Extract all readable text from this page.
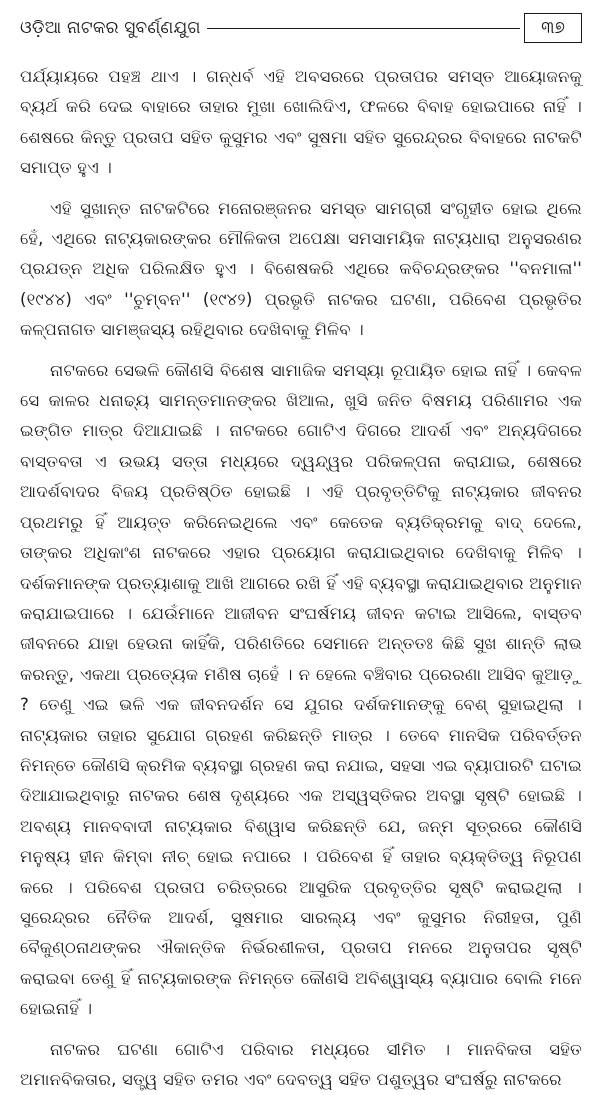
ଓଡ଼ିଆ ନାଟକର ସୁବର୍ଣ୍ଣଯୁଗ	୩୭

ପର୍ଯ୍ୟାୟରେ ପହଞ୍ଚ ଥାଏ । ଗନ୍ଧର୍ବ ଏହି ଅବସରରେ ପ୍ରତାପର ସମସ୍ତ ଆୟୋଜନକୁ ବ୍ୟର୍ଥ କରି ଦେଇ ବାହାରେ ତାହାର ମୁଖା ଖୋଲିଦିଏ, ଫଳରେ ବିବାହ ହୋଇପାରେ ନାହିଁ । ଶେଷରେ କିନ୍ତୁ ପ୍ରତାପ ସହିତ କୁସୁମର ଏବଂ ସୁଷମା ସହିତ ସୁରେନ୍ଦ୍ରର ବିବାହରେ ନାଟକଟି ସମାପ୍ତ ହୁଏ ।

ଏହି ସୁଖାନ୍ତ ନାଟକଟିରେ ମନୋରଞ୍ଜନର ସମସ୍ତ ସାମଗ୍ରୀ ସଂଗୃହୀତ ହୋଇ ଥିଲେ ହେଁ, ଏଥିରେ ନାଟ୍ୟକାରଙ୍କର ମୌଳିକତା ଅପେକ୍ଷା ସମସାମୟିକ ନାଟ୍ୟଧାରା ଅନୁସରଣର ପ୍ରଯତ୍ନ ଅଧିକ ପରିଲକ୍ଷିତ ହୁଏ । ବିଶେଷକରି ଏଥିରେ କବିଚନ୍ଦ୍ରଙ୍କର ''ବନମାଳା'' (୧୯୪୪) ଏବଂ ''ଚୁମ୍ବନ'' (୧୯୪୨) ପ୍ରଭୃତି ନାଟକର ଘଟଣା, ପରିବେଶ ପ୍ରଭୃତିର କଳ୍ପନାଗତ ସାମଞ୍ଜସ୍ୟ ରହିଥିବାର ଦେଖିବାକୁ ମିଳିବ ।

ନାଟକରେ ସେଭଳି କୌଣସି ବିଶେଷ ସାମାଜିକ ସମସ୍ୟା ରୂପାୟିତ ହୋଇ ନାହିଁ । କେବଳ ସେ କାଳର ଧନାଢ୍ୟ ସାମନ୍ତମାନଙ୍କର ଖିଆଲ, ଖୁସି ଜନିତ ବିଷମୟ ପରିଣାମର ଏକ ଇଙ୍ଗିତ ମାତ୍ର ଦିଆଯାଇଛି । ନାଟକରେ ଗୋଟିଏ ଦିଗରେ ଆଦର୍ଶ ଏବଂ ଅନ୍ୟଦିଗରେ ବାସ୍ତବତା ଏ ଉଭୟ ସତ୍ତା ମଧ୍ୟରେ ଦ୍ୱନ୍ଦ୍ୱର ପରିକଳ୍ପନା କରାଯାଇ, ଶେଷରେ ଆଦର୍ଶବାଦର ବିଜୟ ପ୍ରତିଷ୍ଠିତ ହୋଇଛି । ଏହି ପ୍ରବୃତ୍ତିଟିକୁ ନାଟ୍ୟକାର ଜୀବନର ପ୍ରଥମରୁ ହିଁ ଆୟତ୍ତ କରିନେଇଥିଲେ ଏବଂ କେତେକ ବ୍ୟତିକ୍ରମକୁ ବାଦ୍ ଦେଲେ, ତାଙ୍କର ଅଧିକାଂଶ ନାଟକରେ ଏହାର ପ୍ରୟୋଗ କରାଯାଇଥିବାର ଦେଖିବାକୁ ମିଳିବ । ଦର୍ଶକମାନଙ୍କ ପ୍ରତ୍ୟାଶାକୁ ଆଖି ଆଗରେ ରଖି ହିଁ ଏହି ବ୍ୟବସ୍ଥା କରାଯାଇଥିବାର ଅନୁମାନ କରାଯାଇପାରେ । ଯେଉଁମାନେ ଆଜୀବନ ସଂଘର୍ଷମୟ ଜୀବନ କଟାଇ ଆସିଲେ, ବାସ୍ତବ ଜୀବନରେ ଯାହା ହେଉନା କାହିଁକି, ପରିଣତିରେ ସେମାନେ ଅନ୍ତତଃ କିଛି ସୁଖ ଶାନ୍ତି ଲାଭ କରନ୍ତୁ, ଏକଥା ପ୍ରତ୍ୟେକ ମଣିଷ ଚାହେଁ । ନ ହେଲେ ବଞ୍ଚିବାର ପ୍ରେରଣା ଆସିବ କୁଆଡ଼ୁ ? ତେଣୁ ଏଇ ଭଳି ଏକ ଜୀବନଦର୍ଶନ ସେ ଯୁଗର ଦର୍ଶକମାନଙ୍କୁ ବେଶ୍ ସୁହାଇଥିଲା । ନାଟ୍ୟକାର ତାହାର ସୁଯୋଗ ଗ୍ରହଣ କରିଛନ୍ତି ମାତ୍ର । ତେବେ ମାନସିକ ପରିବର୍ତ୍ତନ ନିମନ୍ତେ କୌଣସି କ୍ରମିକ ବ୍ୟବସ୍ଥା ଗ୍ରହଣ କରା ନଯାଇ, ସହସା ଏଇ ବ୍ୟାପାରଟି ଘଟାଇ ଦିଆଯାଇଥିବାରୁ ନାଟକର ଶେଷ ଦୃଶ୍ୟରେ ଏକ ଅସ୍ୱସ୍ତିକର ଅବସ୍ଥା ସୃଷ୍ଟି ହୋଇଛି । ଅବଶ୍ୟ ମାନବବାଦୀ ନାଟ୍ୟକାର ବିଶ୍ୱାସ କରିଛନ୍ତି ଯେ, ଜନ୍ମ ସୂତ୍ରରେ କୌଣସି ମନୁଷ୍ୟ ହୀନ କିମ୍ବା ନୀଚ୍ ହୋଇ ନପାରେ । ପରିବେଶ ହିଁ ତାହାର ବ୍ୟକ୍ତିତ୍ୱ ନିରୂପଣ କରେ । ପରିବେଶ ପ୍ରତାପ ଚରିତ୍ରରେ ଆସୁରିକ ପ୍ରବୃତ୍ତିର ସୃଷ୍ଟି କରାଇଥିଲା । ସୁରେନ୍ଦ୍ରର ନୈତିକ ଆଦର୍ଶ, ସୁଷମାର ସାରଲ୍ୟ ଏବଂ କୁସୁମର ନିରୀହତା, ପୁଣି ବୈକୁଣ୍ଠନାଥଙ୍କର ଐକାନ୍ତିକ ନିର୍ଭରଶୀଳତା, ପ୍ରତାପ ମନରେ ଅନୁତାପର ସୃଷ୍ଟି କରାଇବା ତେଣୁ ହିଁ ନାଟ୍ୟକାରଙ୍କ ନିମନ୍ତେ କୌଣସି ଅବିଶ୍ୱାସ୍ୟ ବ୍ୟାପାର ବୋଲି ମନେ ହୋଇନାହିଁ ।

ନାଟକର ଘଟଣା ଗୋଟିଏ ପରିବାର ମଧ୍ୟରେ ସୀମିତ । ମାନବିକତା ସହିତ ଅମାନବିକତାର, ସତ୍ତ୍ୱ ସହିତ ତମର ଏବଂ ଦେବତ୍ୱ ସହିତ ପଶୁତ୍ୱର ସଂଘର୍ଷରୁ ନାଟକରେ
